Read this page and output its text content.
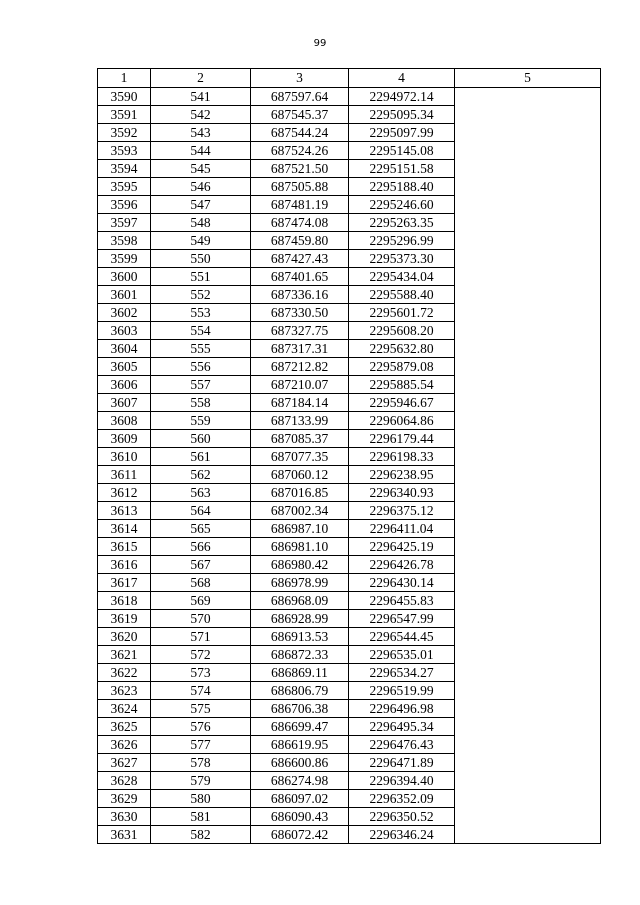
99
1	2	3	4	5
3590	541	687597.64	2294972.14	
3591	542	687545.37	2295095.34	
3592	543	687544.24	2295097.99	
3593	544	687524.26	2295145.08	
3594	545	687521.50	2295151.58	
3595	546	687505.88	2295188.40	
3596	547	687481.19	2295246.60	
3597	548	687474.08	2295263.35	
3598	549	687459.80	2295296.99	
3599	550	687427.43	2295373.30	
3600	551	687401.65	2295434.04	
3601	552	687336.16	2295588.40	
3602	553	687330.50	2295601.72	
3603	554	687327.75	2295608.20	
3604	555	687317.31	2295632.80	
3605	556	687212.82	2295879.08	
3606	557	687210.07	2295885.54	
3607	558	687184.14	2295946.67	
3608	559	687133.99	2296064.86	
3609	560	687085.37	2296179.44	
3610	561	687077.35	2296198.33	
3611	562	687060.12	2296238.95	
3612	563	687016.85	2296340.93	
3613	564	687002.34	2296375.12	
3614	565	686987.10	2296411.04	
3615	566	686981.10	2296425.19	
3616	567	686980.42	2296426.78	
3617	568	686978.99	2296430.14	
3618	569	686968.09	2296455.83	
3619	570	686928.99	2296547.99	
3620	571	686913.53	2296544.45	
3621	572	686872.33	2296535.01	
3622	573	686869.11	2296534.27	
3623	574	686806.79	2296519.99	
3624	575	686706.38	2296496.98	
3625	576	686699.47	2296495.34	
3626	577	686619.95	2296476.43	
3627	578	686600.86	2296471.89	
3628	579	686274.98	2296394.40	
3629	580	686097.02	2296352.09	
3630	581	686090.43	2296350.52	
3631	582	686072.42	2296346.24	
